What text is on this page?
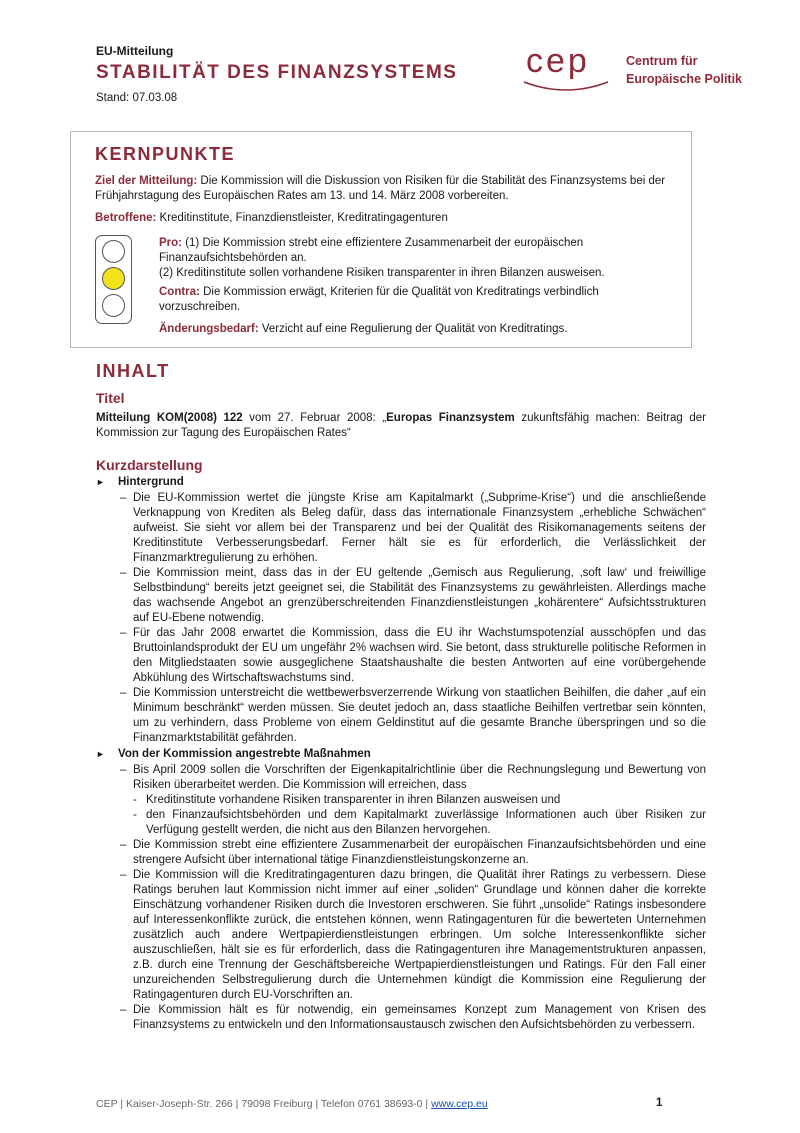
EU-Mitteilung
STABILITÄT DES FINANZSYSTEMS
Stand: 07.03.08
cep	Centrum für
Europäische Politik
KERNPUNKTE
Ziel der Mitteilung: Die Kommission will die Diskussion von Risiken für die Stabilität des Finanzsystems bei der Frühjahrstagung des Europäischen Rates am 13. und 14. März 2008 vorbereiten.
Betroffene: Kreditinstitute, Finanzdienstleister, Kreditratingagenturen
Pro: (1) Die Kommission strebt eine effizientere Zusammenarbeit der europäischen Finanzaufsichtsbehörden an.
(2) Kreditinstitute sollen vorhandene Risiken transparenter in ihren Bilanzen ausweisen.
Contra: Die Kommission erwägt, Kriterien für die Qualität von Kreditratings verbindlich vorzuschreiben.
Änderungsbedarf: Verzicht auf eine Regulierung der Qualität von Kreditratings.
INHALT
Titel
Mitteilung KOM(2008) 122 vom 27. Februar 2008: „Europas Finanzsystem zukunftsfähig machen: Beitrag der Kommission zur Tagung des Europäischen Rates“
Kurzdarstellung
► Hintergrund
– Die EU-Kommission wertet die jüngste Krise am Kapitalmarkt („Subprime-Krise“) und die anschließende Verknappung von Krediten als Beleg dafür, dass das internationale Finanzsystem „erhebliche Schwächen“ aufweist. Sie sieht vor allem bei der Transparenz und bei der Qualität des Risikomanagements seitens der Kreditinstitute Verbesserungsbedarf. Ferner hält sie es für erforderlich, die Verlässlichkeit der Finanzmarktregulierung zu erhöhen.
– Die Kommission meint, dass das in der EU geltende „Gemisch aus Regulierung, ‚soft law‘ und freiwillige Selbstbindung“ bereits jetzt geeignet sei, die Stabilität des Finanzsystems zu gewährleisten. Allerdings mache das wachsende Angebot an grenzüberschreitenden Finanzdienstleistungen „kohärentere“ Aufsichtsstrukturen auf EU-Ebene notwendig.
– Für das Jahr 2008 erwartet die Kommission, dass die EU ihr Wachstumspotenzial ausschöpfen und das Bruttoinlandsprodukt der EU um ungefähr 2% wachsen wird. Sie betont, dass strukturelle politische Reformen in den Mitgliedstaaten sowie ausgeglichene Staatshaushalte die besten Antworten auf eine vorübergehende Abkühlung des Wirtschaftswachstums sind.
– Die Kommission unterstreicht die wettbewerbsverzerrende Wirkung von staatlichen Beihilfen, die daher „auf ein Minimum beschränkt“ werden müssen. Sie deutet jedoch an, dass staatliche Beihilfen vertretbar sein könnten, um zu verhindern, dass Probleme von einem Geldinstitut auf die gesamte Branche überspringen und so die Finanzmarktstabilität gefährden.
► Von der Kommission angestrebte Maßnahmen
– Bis April 2009 sollen die Vorschriften der Eigenkapitalrichtlinie über die Rechnungslegung und Bewertung von Risiken überarbeitet werden. Die Kommission will erreichen, dass
- Kreditinstitute vorhandene Risiken transparenter in ihren Bilanzen ausweisen und
- den Finanzaufsichtsbehörden und dem Kapitalmarkt zuverlässige Informationen auch über Risiken zur Verfügung gestellt werden, die nicht aus den Bilanzen hervorgehen.
– Die Kommission strebt eine effizientere Zusammenarbeit der europäischen Finanzaufsichtsbehörden und eine strengere Aufsicht über international tätige Finanzdienstleistungskonzerne an.
– Die Kommission will die Kreditratingagenturen dazu bringen, die Qualität ihrer Ratings zu verbessern. Diese Ratings beruhen laut Kommission nicht immer auf einer „soliden“ Grundlage und können daher die korrekte Einschätzung vorhandener Risiken durch die Investoren erschweren. Sie führt „unsolide“ Ratings insbesondere auf Interessenkonflikte zurück, die entstehen können, wenn Ratingagenturen für die bewerteten Unternehmen zusätzlich auch andere Wertpapierdienstleistungen erbringen. Um solche Interessenkonflikte sicher auszuschließen, hält sie es für erforderlich, dass die Ratingagenturen ihre Managementstrukturen anpassen, z.B. durch eine Trennung der Geschäftsbereiche Wertpapierdienstleistungen und Ratings. Für den Fall einer unzureichenden Selbstregulierung durch die Unternehmen kündigt die Kommission eine Regulierung der Ratingagenturen durch EU-Vorschriften an.
– Die Kommission hält es für notwendig, ein gemeinsames Konzept zum Management von Krisen des Finanzsystems zu entwickeln und den Informationsaustausch zwischen den Aufsichtsbehörden zu verbessern.
CEP | Kaiser-Joseph-Str. 266 | 79098 Freiburg | Telefon 0761 38693-0 | www.cep.eu	1
